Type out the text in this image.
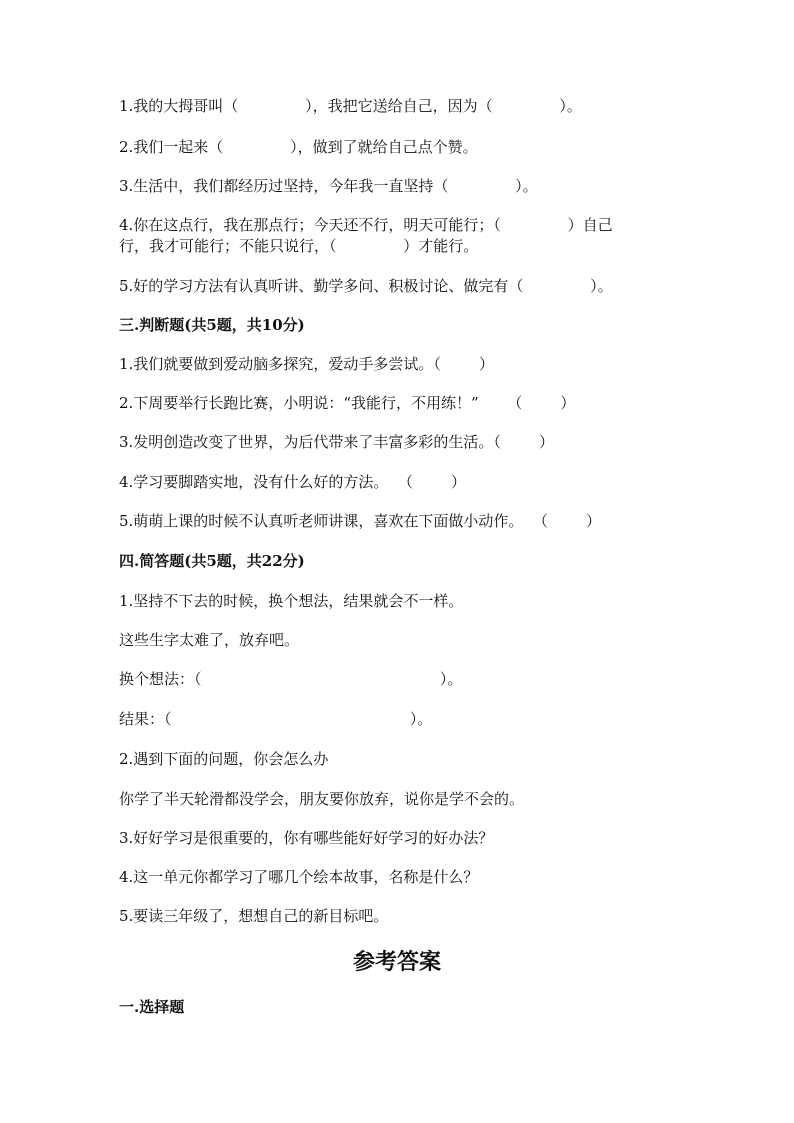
1.我的大拇哥叫（              ），我把它送给自己，因为（              ）。
2.我们一起来（              ），做到了就给自己点个赞。
3.生活中，我们都经历过坚持，今年我一直坚持（              ）。
4.你在这点行，我在那点行；今天还不行，明天可能行；（              ）自己
行，我才可能行；不能只说行，（              ）才能行。
5.好的学习方法有认真听讲、勤学多问、积极讨论、做完有（              ）。
三.判断题(共5题，共10分)
1.我们就要做到爱动脑多探究，爱动手多尝试。（        ）
2.下周要举行长跑比赛，小明说：“我能行，不用练！”      （        ）
3.发明创造改变了世界，为后代带来了丰富多彩的生活。（        ）
4.学习要脚踏实地，没有什么好的方法。  （        ）
5.萌萌上课的时候不认真听老师讲课，喜欢在下面做小动作。  （        ）
四.简答题(共5题，共22分)
1.坚持不下去的时候，换个想法，结果就会不一样。
这些生字太难了，放弃吧。
换个想法：（                                                  ）。
结果：（                                                  ）。
2.遇到下面的问题，你会怎么办
你学了半天轮滑都没学会，朋友要你放弃，说你是学不会的。
3.好好学习是很重要的，你有哪些能好好学习的好办法？
4.这一单元你都学习了哪几个绘本故事，名称是什么？
5.要读三年级了，想想自己的新目标吧。
参考答案
一.选择题
